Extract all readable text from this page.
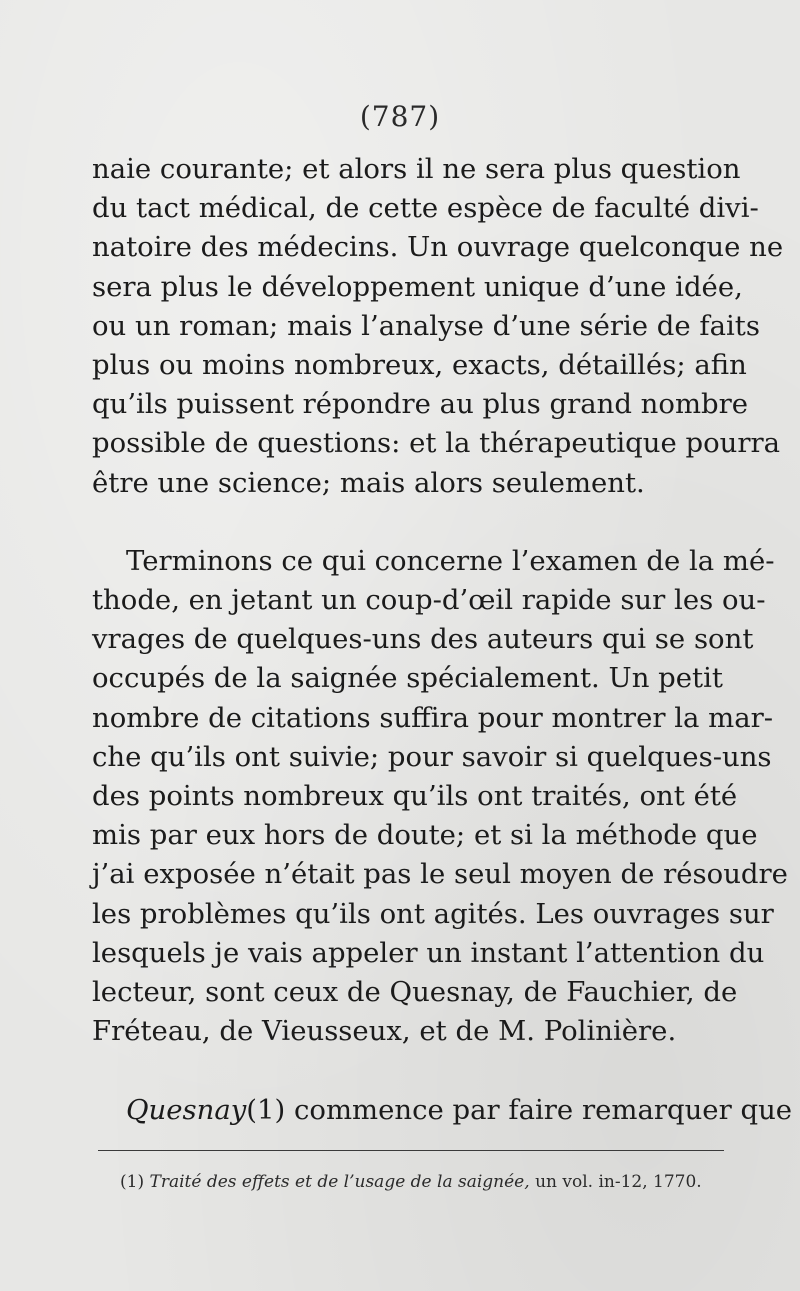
(787)
naie courante; et alors il ne sera plus question
du tact médical, de cette espèce de faculté divi-
natoire des médecins. Un ouvrage quelconque ne
sera plus le développement unique d’une idée,
ou un roman; mais l’analyse d’une série de faits
plus ou moins nombreux, exacts, détaillés; afin
qu’ils puissent répondre au plus grand nombre
possible de questions: et la thérapeutique pourra
être une science; mais alors seulement.
Terminons ce qui concerne l’examen de la mé-
thode, en jetant un coup-d’œil rapide sur les ou-
vrages de quelques-uns des auteurs qui se sont
occupés de la saignée spécialement. Un petit
nombre de citations suffira pour montrer la mar-
che qu’ils ont suivie; pour savoir si quelques-uns
des points nombreux qu’ils ont traités, ont été
mis par eux hors de doute; et si la méthode que
j’ai exposée n’était pas le seul moyen de résoudre
les problèmes qu’ils ont agités. Les ouvrages sur
lesquels je vais appeler un instant l’attention du
lecteur, sont ceux de Quesnay, de Fauchier, de
Fréteau, de Vieusseux, et de M. Polinière.
Quesnay(1) commence par faire remarquer que
(1) Traité des effets et de l’usage de la saignée, un vol. in-12, 1770.
